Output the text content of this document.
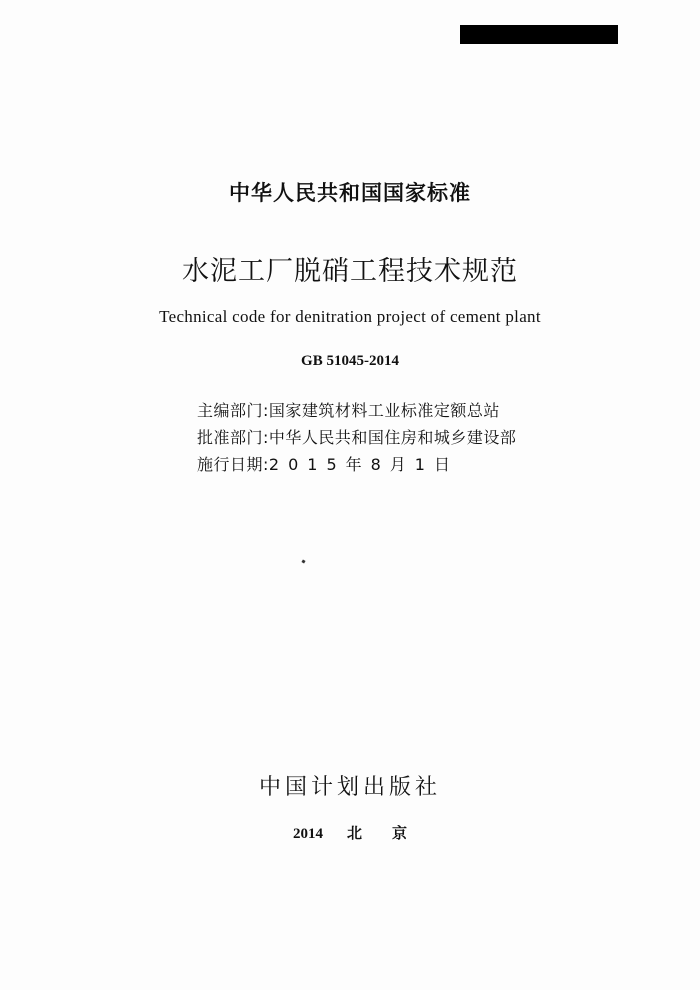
中华人民共和国国家标准
水泥工厂脱硝工程技术规范
Technical code for denitration project of cement plant
GB 51045-2014
主编部门:国家建筑材料工业标准定额总站
批准部门:中华人民共和国住房和城乡建设部
施行日期:2015年8月1日
中国计划出版社
2014 北 京
